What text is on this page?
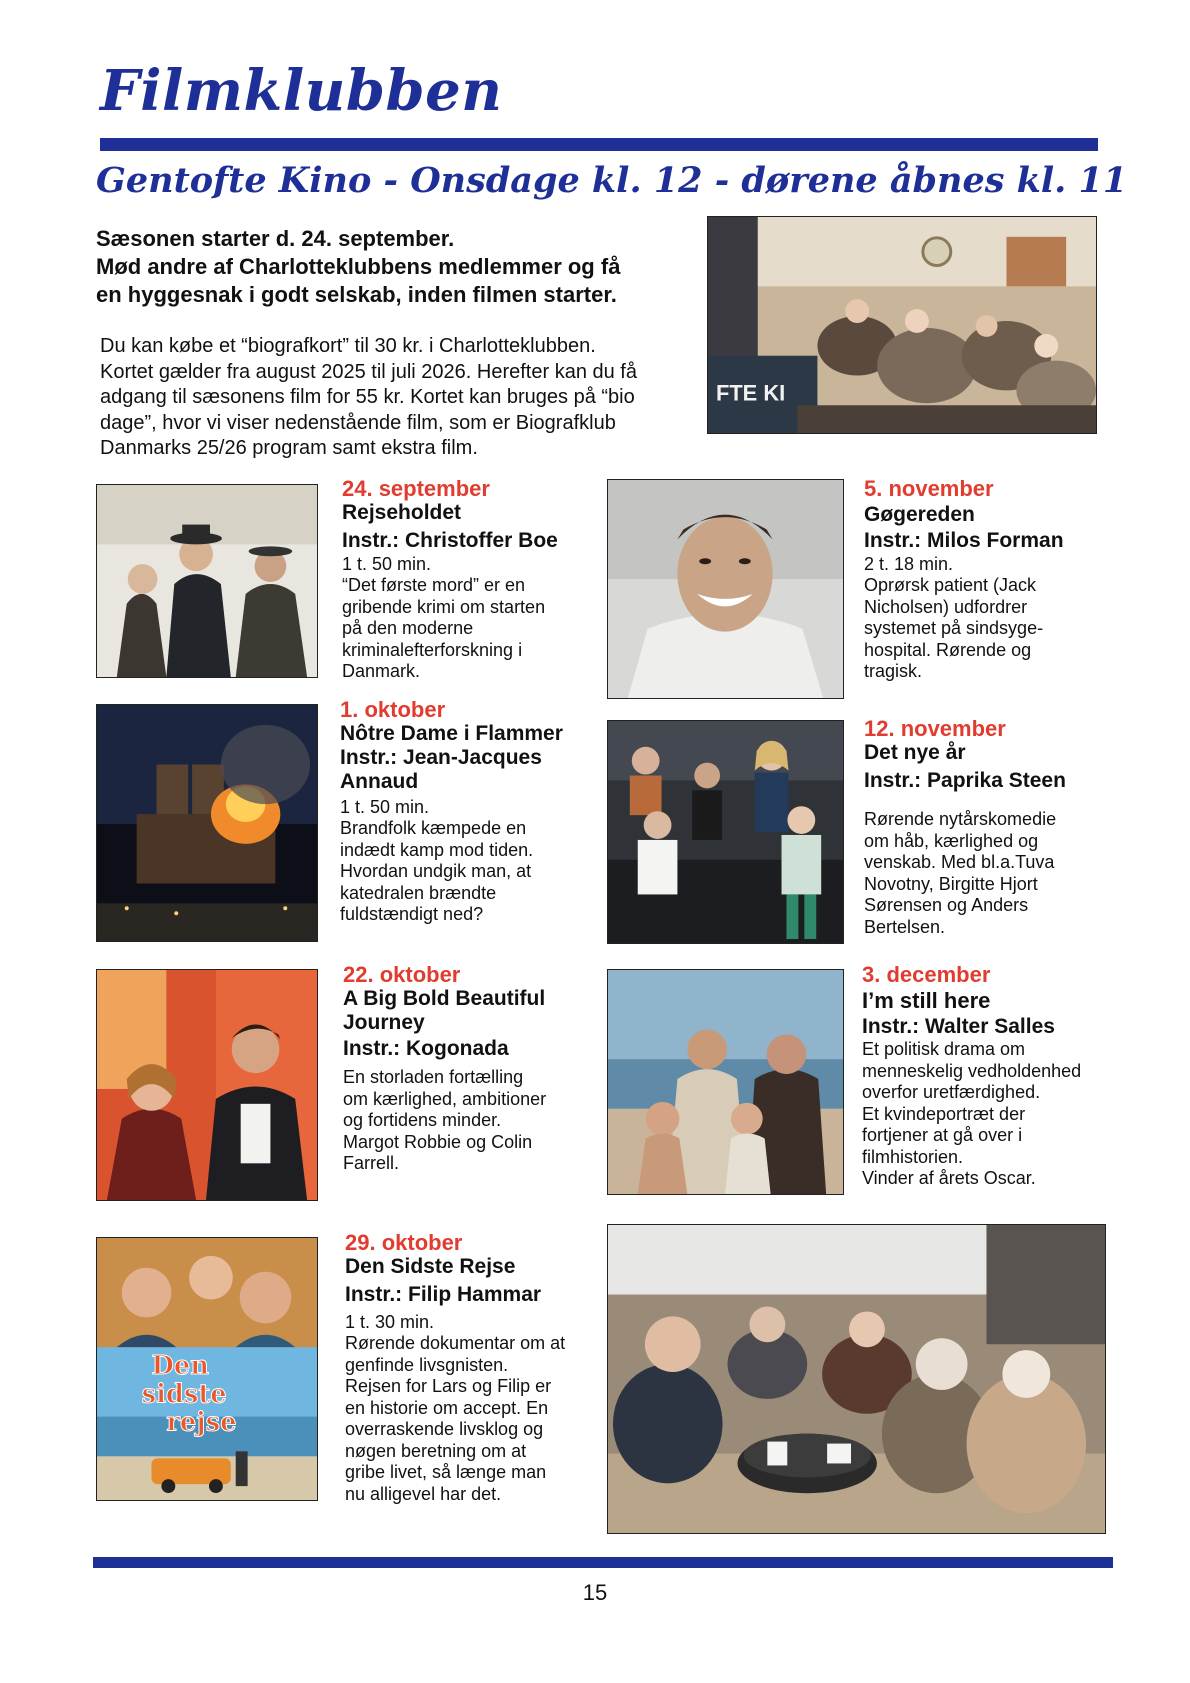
Filmklubben
Gentofte Kino - Onsdage kl. 12 - dørene åbnes kl. 11
Sæsonen starter d. 24. september.
Mød andre af Charlotteklubbens medlemmer og få
en hyggesnak i godt selskab, inden filmen starter.
Du kan købe et “biografkort” til 30 kr. i Charlotteklubben.
Kortet gælder fra august 2025 til juli 2026. Herefter kan du få
adgang til sæsonens film for 55 kr. Kortet kan bruges på “bio
dage”, hvor vi viser nedenstående film, som er Biografklub
Danmarks 25/26 program samt ekstra film.
FTE KI
24. september
Rejseholdet
Instr.: Christoffer Boe
1 t. 50 min.
“Det første mord” er en
gribende krimi om starten
på den moderne
kriminalefterforskning i
Danmark.
1. oktober
Nôtre Dame i Flammer
Instr.: Jean-Jacques Annaud
1 t. 50 min.
Brandfolk kæmpede en
indædt kamp mod tiden.
Hvordan undgik man, at
katedralen brændte
fuldstændigt ned?
22. oktober
A Big Bold Beautiful Journey
Instr.: Kogonada
En storladen fortælling
om kærlighed, ambitioner
og fortidens minder.
Margot Robbie og Colin
Farrell.
Den sidste rejse
29. oktober
Den Sidste Rejse
Instr.: Filip Hammar
1 t. 30 min.
Rørende dokumentar om at
genfinde livsgnisten.
Rejsen for Lars og Filip er
en historie om accept. En
overraskende livsklog og
nøgen beretning om at
gribe livet, så længe man
nu alligevel har det.
5. november
Gøgereden
Instr.: Milos Forman
2 t. 18 min.
Oprørsk patient (Jack
Nicholsen) udfordrer
systemet på sindsyge-
hospital. Rørende og
tragisk.
12. november
Det nye år
Instr.: Paprika Steen
Rørende nytårskomedie
om håb, kærlighed og
venskab. Med bl.a.Tuva
Novotny, Birgitte Hjort
Sørensen og Anders
Bertelsen.
3. december
I’m still here
Instr.: Walter Salles
Et politisk drama om
menneskelig vedholdenhed
overfor uretfærdighed.
Et kvindeportræt der
fortjener at gå over i
filmhistorien.
Vinder af årets Oscar.
15
